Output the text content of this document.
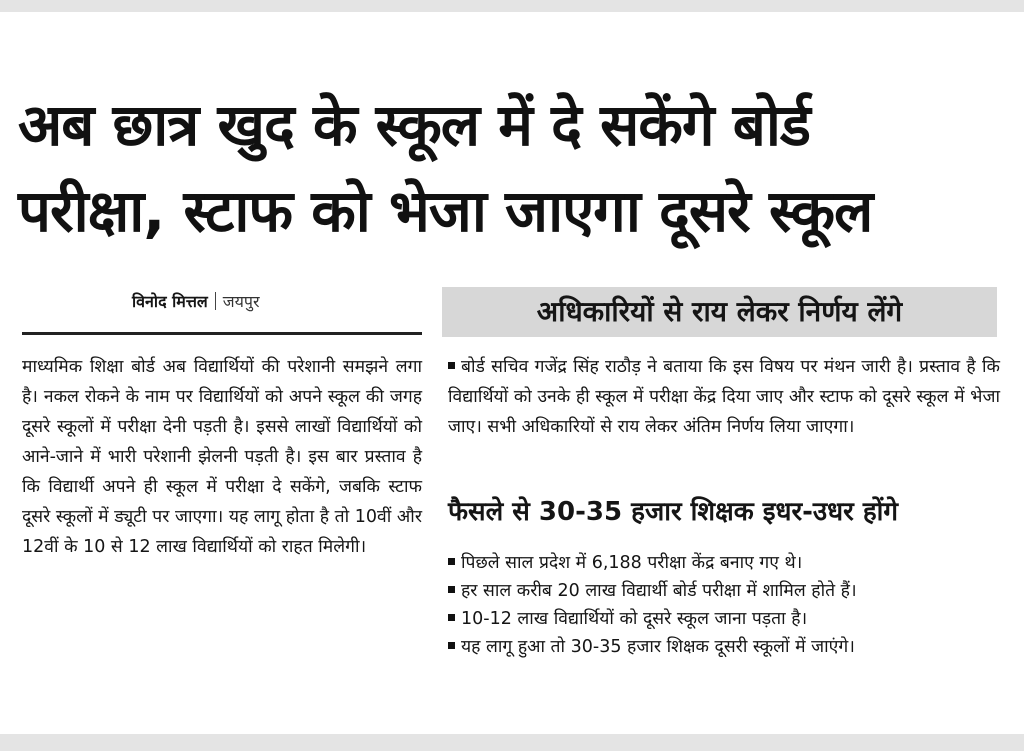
अब छात्र खुद के स्कूल में दे सकेंगे बोर्ड
परीक्षा, स्टाफ को भेजा जाएगा दूसरे स्कूल
विनोद मित्तल जयपुर	अधिकारियों से राय लेकर निर्णय लेंगे

माध्यमिक शिक्षा बोर्ड अब विद्यार्थियों की परेशानी समझने लगा है। नकल रोकने के नाम पर विद्यार्थियों को अपने स्कूल की जगह दूसरे स्कूलों में परीक्षा देनी पड़ती है। इससे लाखों विद्यार्थियों को आने-जाने में भारी परेशानी झेलनी पड़ती है। इस बार प्रस्ताव है कि विद्यार्थी अपने ही स्कूल में परीक्षा दे सकेंगे, जबकि स्टाफ दूसरे स्कूलों में ड्यूटी पर जाएगा। यह लागू होता है तो 10वीं और 12वीं के 10 से 12 लाख विद्यार्थियों को राहत मिलेगी।

बोर्ड सचिव गजेंद्र सिंह राठौड़ ने बताया कि इस विषय पर मंथन जारी है। प्रस्ताव है कि विद्यार्थियों को उनके ही स्कूल में परीक्षा केंद्र दिया जाए और स्टाफ को दूसरे स्कूल में भेजा जाए। सभी अधिकारियों से राय लेकर अंतिम निर्णय लिया जाएगा।

फैसले से 30-35 हजार शिक्षक इधर-उधर होंगे
पिछले साल प्रदेश में 6,188 परीक्षा केंद्र बनाए गए थे।
हर साल करीब 20 लाख विद्यार्थी बोर्ड परीक्षा में शामिल होते हैं।
10-12 लाख विद्यार्थियों को दूसरे स्कूल जाना पड़ता है।
यह लागू हुआ तो 30-35 हजार शिक्षक दूसरी स्कूलों में जाएंगे।
